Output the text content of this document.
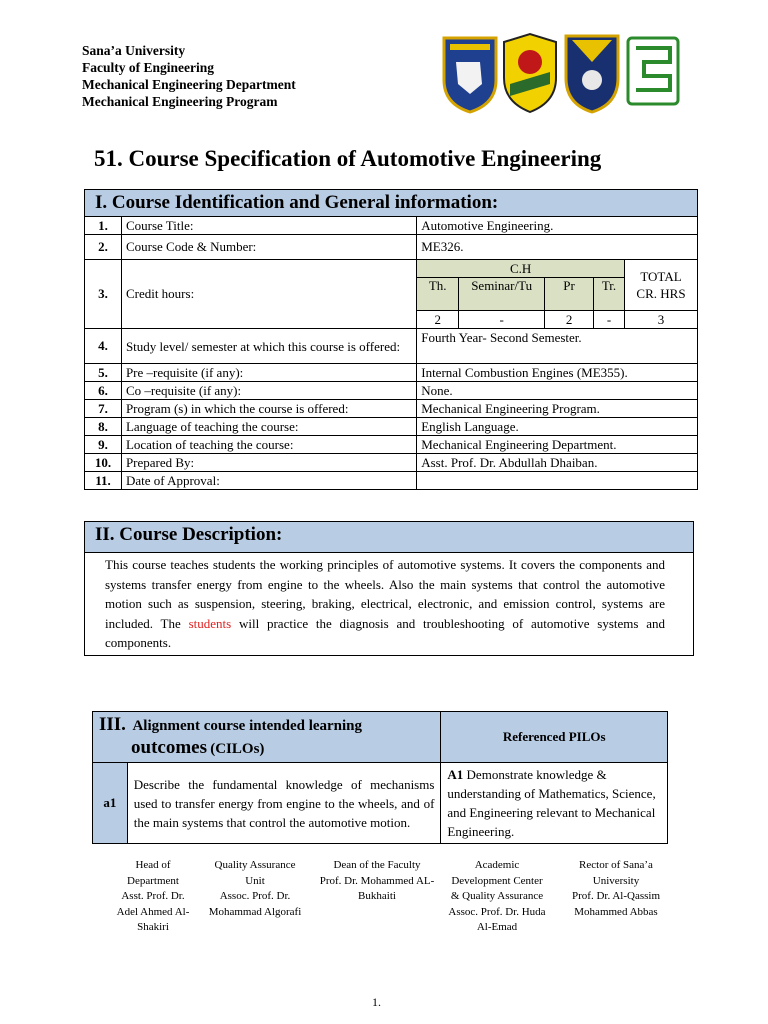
Sana’a University
Faculty of Engineering
Mechanical Engineering Department
Mechanical Engineering Program
51. Course Specification of Automotive Engineering
I. Course Identification and General information:						
1.	Course Title:	Automotive Engineering.				
2.	Course Code & Number:	ME326.				
3.	Credit hours:	C.H				TOTAL CR. HRS
		Th.	Seminar/Tu	Pr	Tr.	
		2	-	2	-	3
4.	Study level/ semester at which this course is offered:	Fourth Year- Second Semester.				
5.	Pre –requisite (if any):	Internal Combustion Engines (ME355).				
6.	Co –requisite (if any):	None.				
7.	Program (s) in which the course is offered:	Mechanical Engineering Program.				
8.	Language of teaching the course:	English Language.				
9.	Location of teaching the course:	Mechanical Engineering Department.				
10.	Prepared By:	Asst. Prof. Dr. Abdullah Dhaiban.				
11.	Date of Approval:					
II. Course Description:
This course teaches students the working principles of automotive systems. It covers the components and systems transfer energy from engine to the wheels. Also the main systems that control the automotive motion such as suspension, steering, braking, electrical, electronic, and emission control, systems are included. The students will practice the diagnosis and troubleshooting of automotive systems and components.
III. Alignment course intended learning
outcomes (CILOs)		Referenced PILOs
a1	Describe the fundamental knowledge of mechanisms used to transfer energy from engine to the wheels, and of the main systems that control the automotive motion.	A1 Demonstrate knowledge & understanding of Mathematics, Science, and Engineering relevant to Mechanical Engineering.
Head of Department
Asst. Prof. Dr. Adel Ahmed Al-Shakiri
Quality Assurance Unit
Assoc. Prof. Dr. Mohammad Algorafi
Dean of the Faculty
Prof. Dr. Mohammed AL-Bukhaiti
Academic Development Center & Quality Assurance
Assoc. Prof. Dr. Huda Al-Emad
Rector of Sana’a University
Prof. Dr. Al-Qassim Mohammed Abbas
1.
